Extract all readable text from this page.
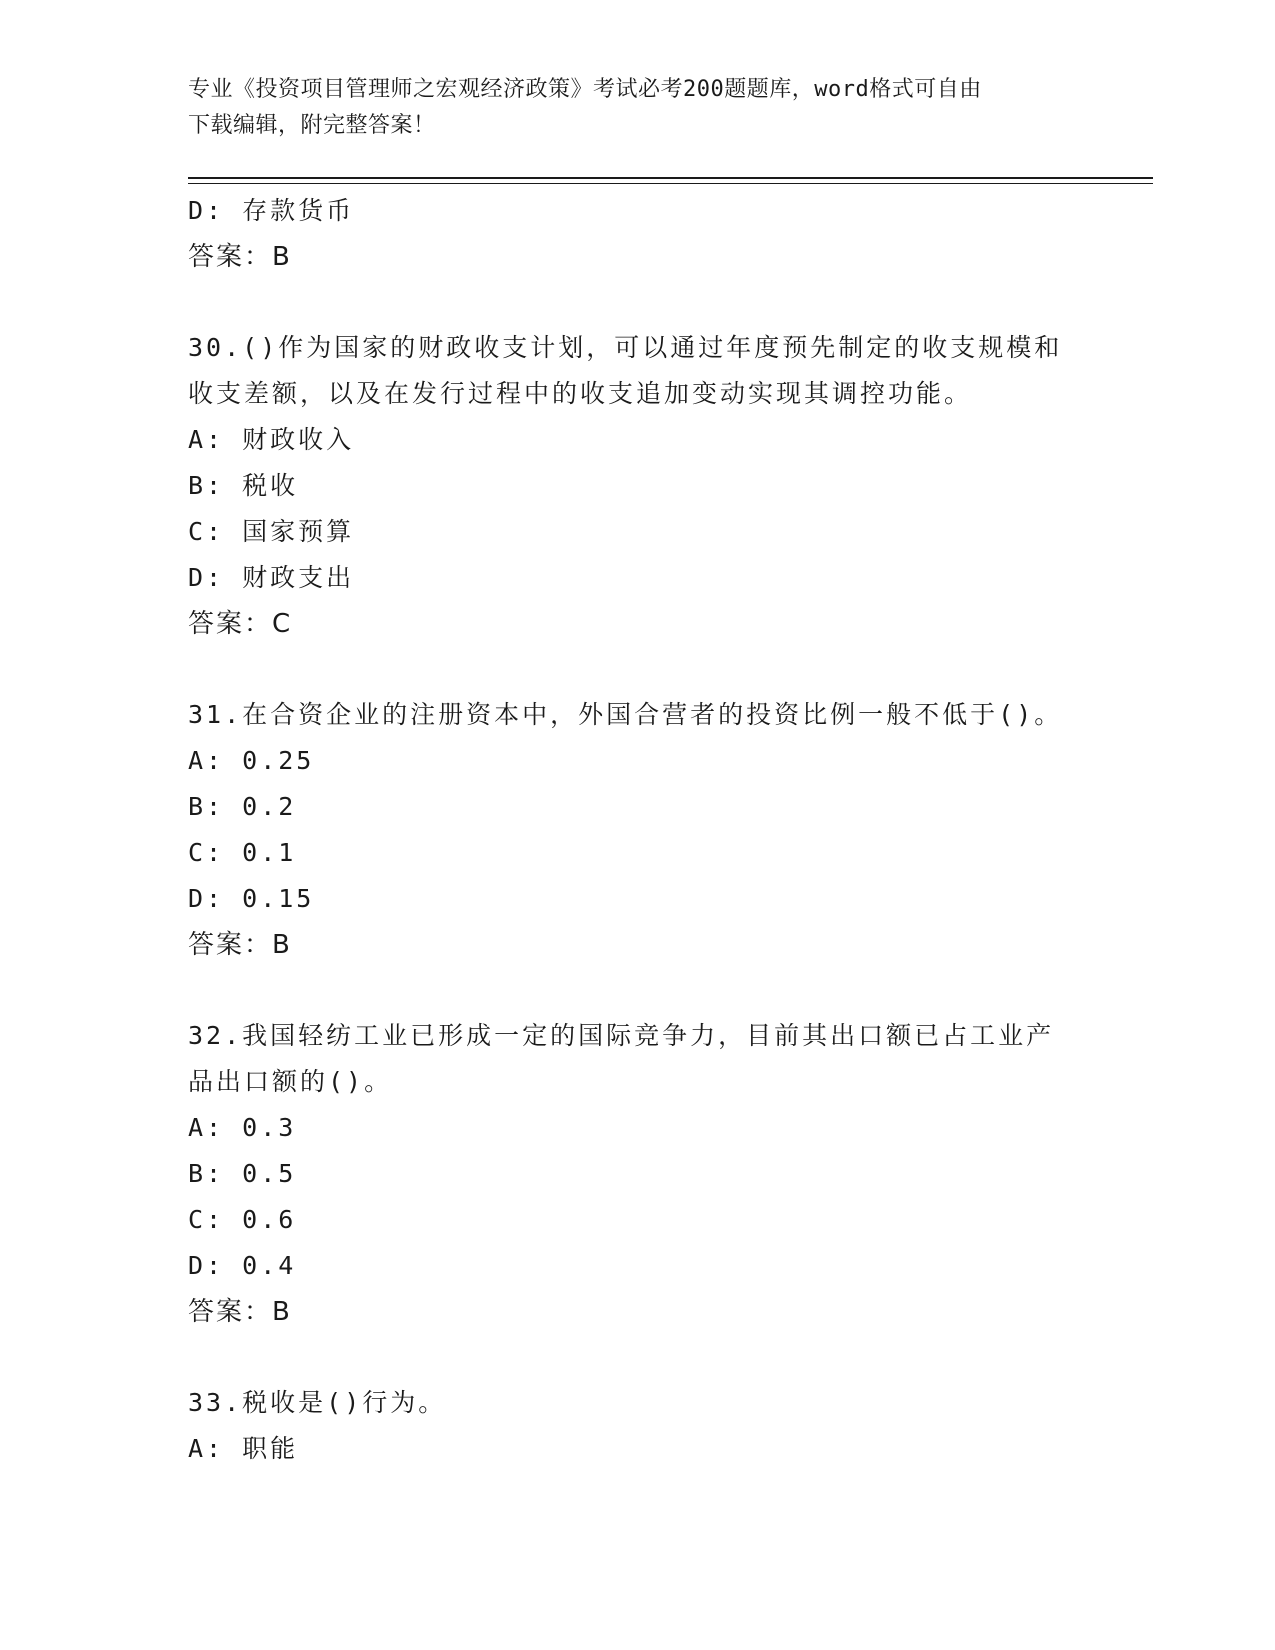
专业《投资项目管理师之宏观经济政策》考试必考200题题库，word格式可自由
下载编辑，附完整答案！
D: 存款货币
答案：B
30.()作为国家的财政收支计划，可以通过年度预先制定的收支规模和
收支差额，以及在发行过程中的收支追加变动实现其调控功能。
A: 财政收入
B: 税收
C: 国家预算
D: 财政支出
答案：C
31.在合资企业的注册资本中，外国合营者的投资比例一般不低于()。
A: 0.25
B: 0.2
C: 0.1
D: 0.15
答案：B
32.我国轻纺工业已形成一定的国际竞争力，目前其出口额已占工业产
品出口额的()。
A: 0.3
B: 0.5
C: 0.6
D: 0.4
答案：B
33.税收是()行为。
A: 职能
